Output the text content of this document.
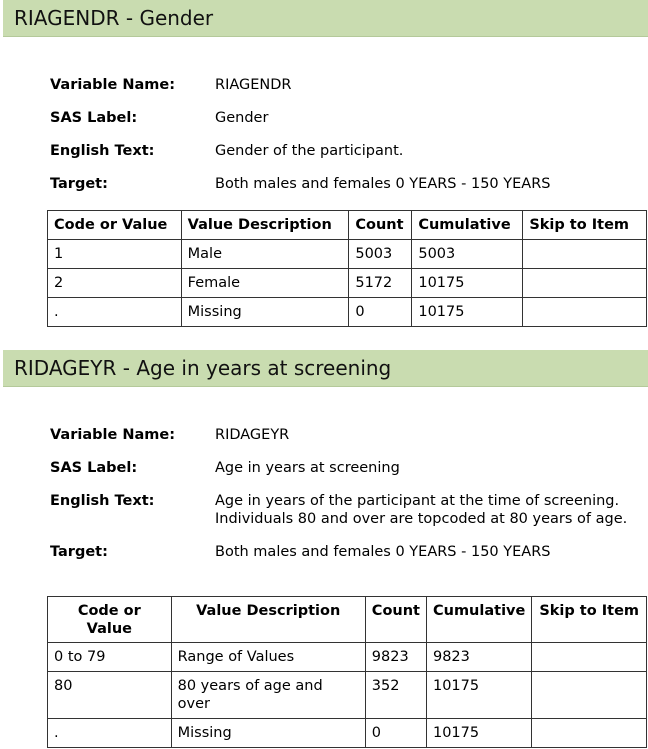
RIAGENDR - Gender
Variable Name:	RIAGENDR
SAS Label:	Gender
English Text:	Gender of the participant.
Target:	Both males and females 0 YEARS - 150 YEARS
Code or Value	Value Description	Count	Cumulative	Skip to Item
1	Male	5003	5003	
2	Female	5172	10175	
.	Missing	0	10175	
RIDAGEYR - Age in years at screening
Variable Name:	RIDAGEYR
SAS Label:	Age in years at screening
English Text:	Age in years of the participant at the time of screening. Individuals 80 and over are topcoded at 80 years of age.
Target:	Both males and females 0 YEARS - 150 YEARS
Code or Value	Value Description	Count	Cumulative	Skip to Item
0 to 79	Range of Values	9823	9823	
80	80 years of age and over	352	10175	
.	Missing	0	10175	
